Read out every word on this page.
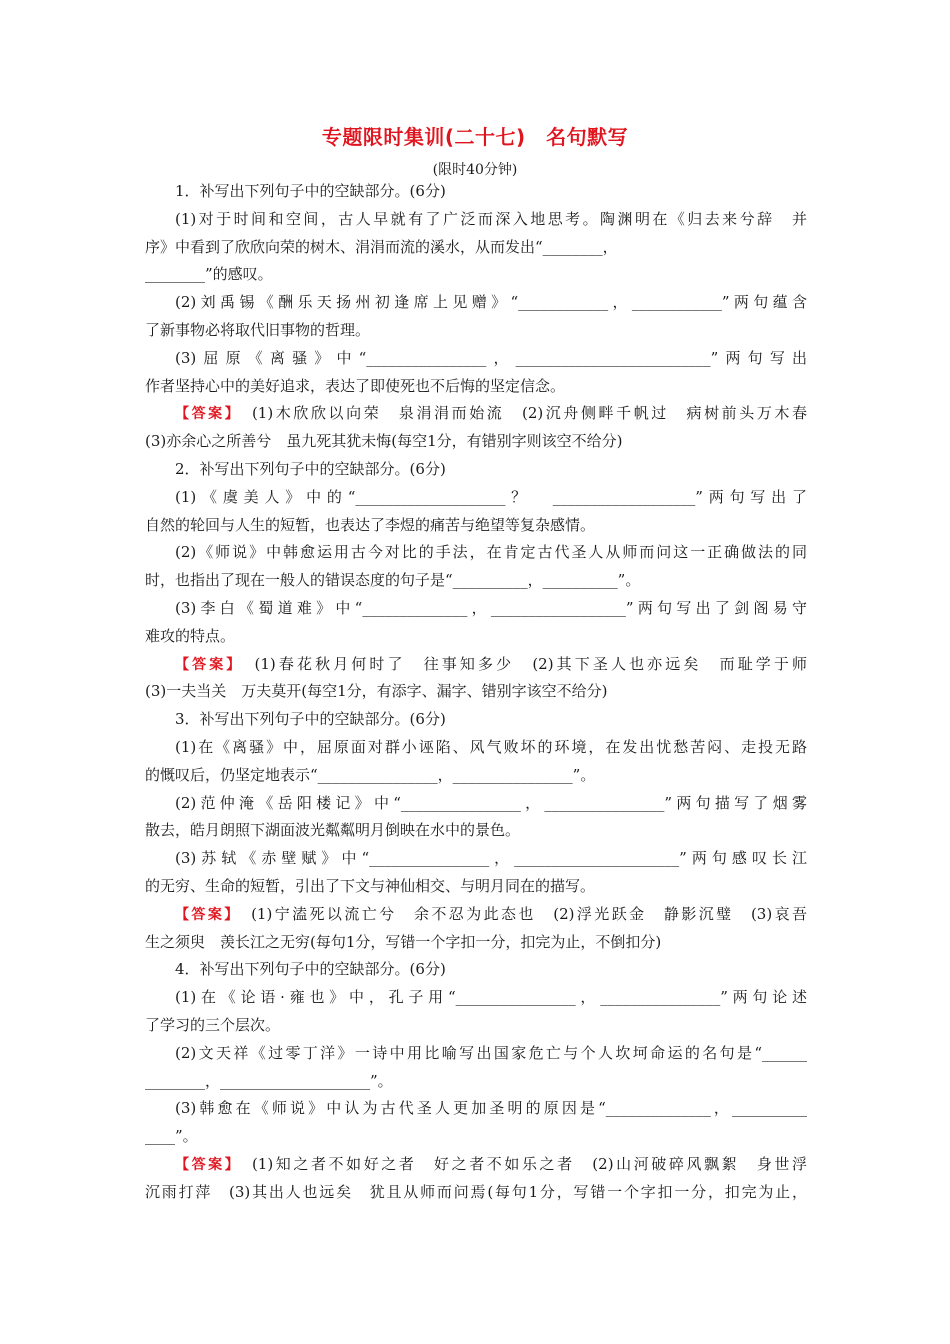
专题限时集训(二十七)　名句默写
(限时40分钟)
1．补写出下列句子中的空缺部分。(6分)
(1)对于时间和空间，古人早就有了广泛而深入地思考。陶渊明在《归去来兮辞　并
序》中看到了欣欣向荣的树木、涓涓而流的溪水，从而发出“________，
________”的感叹。
(2)刘禹锡《酬乐天扬州初逢席上见赠》“____________，____________”两句蕴含
了新事物必将取代旧事物的哲理。
(3)屈原《离骚》中“________________，__________________________”两句写出
作者坚持心中的美好追求，表达了即使死也不后悔的坚定信念。
【答案】　 (1)木欣欣以向荣　泉涓涓而始流　(2)沉舟侧畔千帆过　病树前头万木春
(3)亦余心之所善兮　虽九死其犹未悔(每空1分，有错别字则该空不给分)
2．补写出下列句子中的空缺部分。(6分)
(1)《虞美人》中的“____________________？　___________________”两句写出了
自然的轮回与人生的短暂，也表达了李煜的痛苦与绝望等复杂感情。
(2)《师说》中韩愈运用古今对比的手法，在肯定古代圣人从师而问这一正确做法的同
时，也指出了现在一般人的错误态度的句子是“__________，__________”。
(3)李白《蜀道难》中“______________，__________________”两句写出了剑阁易守
难攻的特点。
【答案】　 (1)春花秋月何时了　往事知多少　(2)其下圣人也亦远矣　而耻学于师
(3)一夫当关　万夫莫开(每空1分，有添字、漏字、错别字该空不给分)
3．补写出下列句子中的空缺部分。(6分)
(1)在《离骚》中，屈原面对群小诬陷、风气败坏的环境，在发出忧愁苦闷、走投无路
的慨叹后，仍坚定地表示“________________，________________”。
(2)范仲淹《岳阳楼记》中“________________，________________”两句描写了烟雾
散去，皓月朗照下湖面波光粼粼明月倒映在水中的景色。
(3)苏轼《赤壁赋》中“________________，______________________”两句感叹长江
的无穷、生命的短暂，引出了下文与神仙相交、与明月同在的描写。
【答案】　 (1)宁溘死以流亡兮　余不忍为此态也　(2)浮光跃金　静影沉璧　(3)哀吾
生之须臾　羡长江之无穷(每句1分，写错一个字扣一分，扣完为止，不倒扣分)
4．补写出下列句子中的空缺部分。(6分)
(1)在《论语·雍也》中，孔子用“________________，________________”两句论述
了学习的三个层次。
(2)文天祥《过零丁洋》一诗中用比喻写出国家危亡与个人坎坷命运的名句是“______
________，____________________”。
(3)韩愈在《师说》中认为古代圣人更加圣明的原因是“______________，__________
____”。
【答案】　 (1)知之者不如好之者　好之者不如乐之者　(2)山河破碎风飘絮　身世浮
沉雨打萍　(3)其出人也远矣　犹且从师而问焉(每句1分，写错一个字扣一分，扣完为止，
